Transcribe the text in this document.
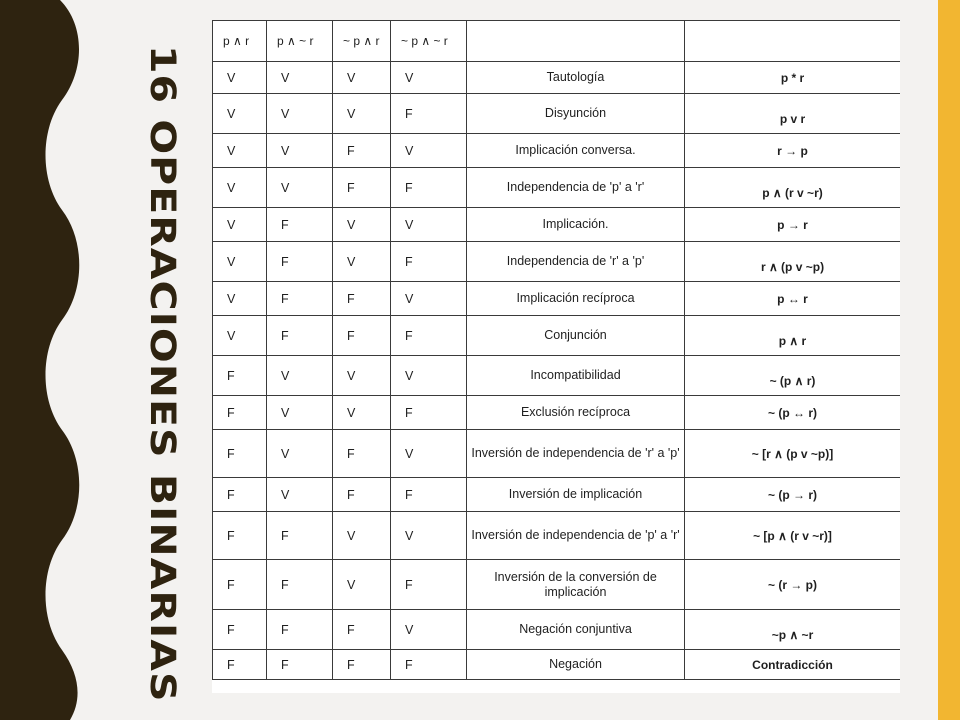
16 OPERACIONES BINARIAS
p ∧ r	p ∧ ~ r	~ p ∧ r	~ p ∧ ~ r		
V	V	V	V	Tautología	p * r
V	V	V	F	Disyunción	p v r
V	V	F	V	Implicación conversa.	r → p
V	V	F	F	Independencia de 'p' a 'r'	p ∧ (r v ~r)
V	F	V	V	Implicación.	p → r
V	F	V	F	Independencia de 'r' a 'p'	r ∧ (p v ~p)
V	F	F	V	Implicación recíproca	p ↔ r
V	F	F	F	Conjunción	p ∧ r
F	V	V	V	Incompatibilidad	~ (p ∧ r)
F	V	V	F	Exclusión recíproca	~ (p ↔ r)
F	V	F	V	Inversión de independencia de 'r' a 'p'	~ [r ∧ (p v ~p)]
F	V	F	F	Inversión de implicación	~ (p → r)
F	F	V	V	Inversión de independencia de 'p' a 'r'	~ [p ∧ (r v ~r)]
F	F	V	F	Inversión de la conversión de implicación	~ (r → p)
F	F	F	V	Negación conjuntiva	~p ∧ ~r
F	F	F	F	Negación	Contradicción
